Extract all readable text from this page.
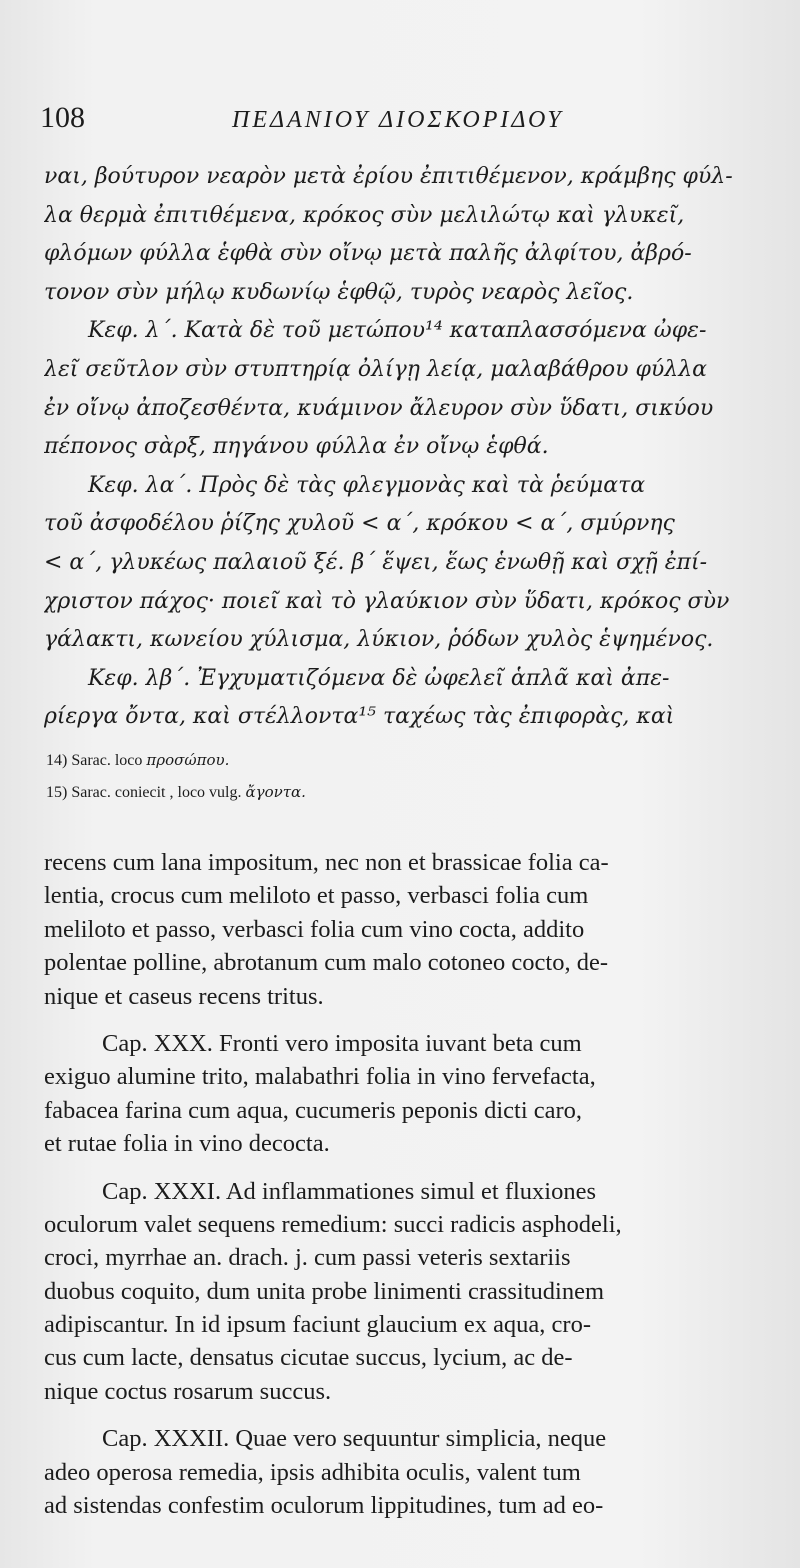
108	ΠΕΔΑΝΙΟΥ ΔΙΟΣΚΟΡΙΔΟΥ
ναι, βούτυρον νεαρὸν μετὰ ἐρίου ἐπιτιθέμενον, κράμβης φύλ-
λα θερμὰ ἐπιτιθέμενα, κρόκος σὺν μελιλώτῳ καὶ γλυκεῖ,
φλόμων φύλλα ἑφθὰ σὺν οἴνῳ μετὰ παλῆς ἀλφίτου, ἀβρό-
τονον σὺν μήλῳ κυδωνίῳ ἑφθῷ, τυρὸς νεαρὸς λεῖος.
Κεφ. λ΄. Κατὰ δὲ τοῦ μετώπου¹⁴ καταπλασσόμενα ὠφε-
λεῖ σεῦτλον σὺν στυπτηρίᾳ ὀλίγῃ λείᾳ, μαλαβάθρου φύλλα
ἐν οἴνῳ ἀποζεσθέντα, κυάμινον ἄλευρον σὺν ὕδατι, σικύου
πέπονος σὰρξ, πηγάνου φύλλα ἐν οἴνῳ ἑφθά.
Κεφ. λα΄. Πρὸς δὲ τὰς φλεγμονὰς καὶ τὰ ῥεύματα
τοῦ ἀσφοδέλου ῥίζης χυλοῦ < α΄, κρόκου < α΄, σμύρνης
< α΄, γλυκέως παλαιοῦ ξέ. β΄ ἕψει, ἕως ἑνωθῇ καὶ σχῇ ἐπί-
χριστον πάχος· ποιεῖ καὶ τὸ γλαύκιον σὺν ὕδατι, κρόκος σὺν
γάλακτι, κωνείου χύλισμα, λύκιον, ῥόδων χυλὸς ἑψημένος.
Κεφ. λβ΄. Ἐγχυματιζόμενα δὲ ὠφελεῖ ἁπλᾶ καὶ ἀπε-
ρίεργα ὄντα, καὶ στέλλοντα¹⁵ ταχέως τὰς ἐπιφορὰς, καὶ
14) Sarac. loco προσώπου.
15) Sarac. coniecit , loco vulg. ἄγοντα.
recens cum lana impositum, nec non et brassicae folia ca-
lentia, crocus cum meliloto et passo, verbasci folia cum
meliloto et passo, verbasci folia cum vino cocta, addito
polentae polline, abrotanum cum malo cotoneo cocto, de-
nique et caseus recens tritus.
Cap. XXX. Fronti vero imposita iuvant beta cum
exiguo alumine trito, malabathri folia in vino fervefacta,
fabacea farina cum aqua, cucumeris peponis dicti caro,
et rutae folia in vino decocta.
Cap. XXXI. Ad inflammationes simul et fluxiones
oculorum valet sequens remedium: succi radicis asphodeli,
croci, myrrhae an. drach. j. cum passi veteris sextariis
duobus coquito, dum unita probe linimenti crassitudinem
adipiscantur. In id ipsum faciunt glaucium ex aqua, cro-
cus cum lacte, densatus cicutae succus, lycium, ac de-
nique coctus rosarum succus.
Cap. XXXII. Quae vero sequuntur simplicia, neque
adeo operosa remedia, ipsis adhibita oculis, valent tum
ad sistendas confestim oculorum lippitudines, tum ad eo-
